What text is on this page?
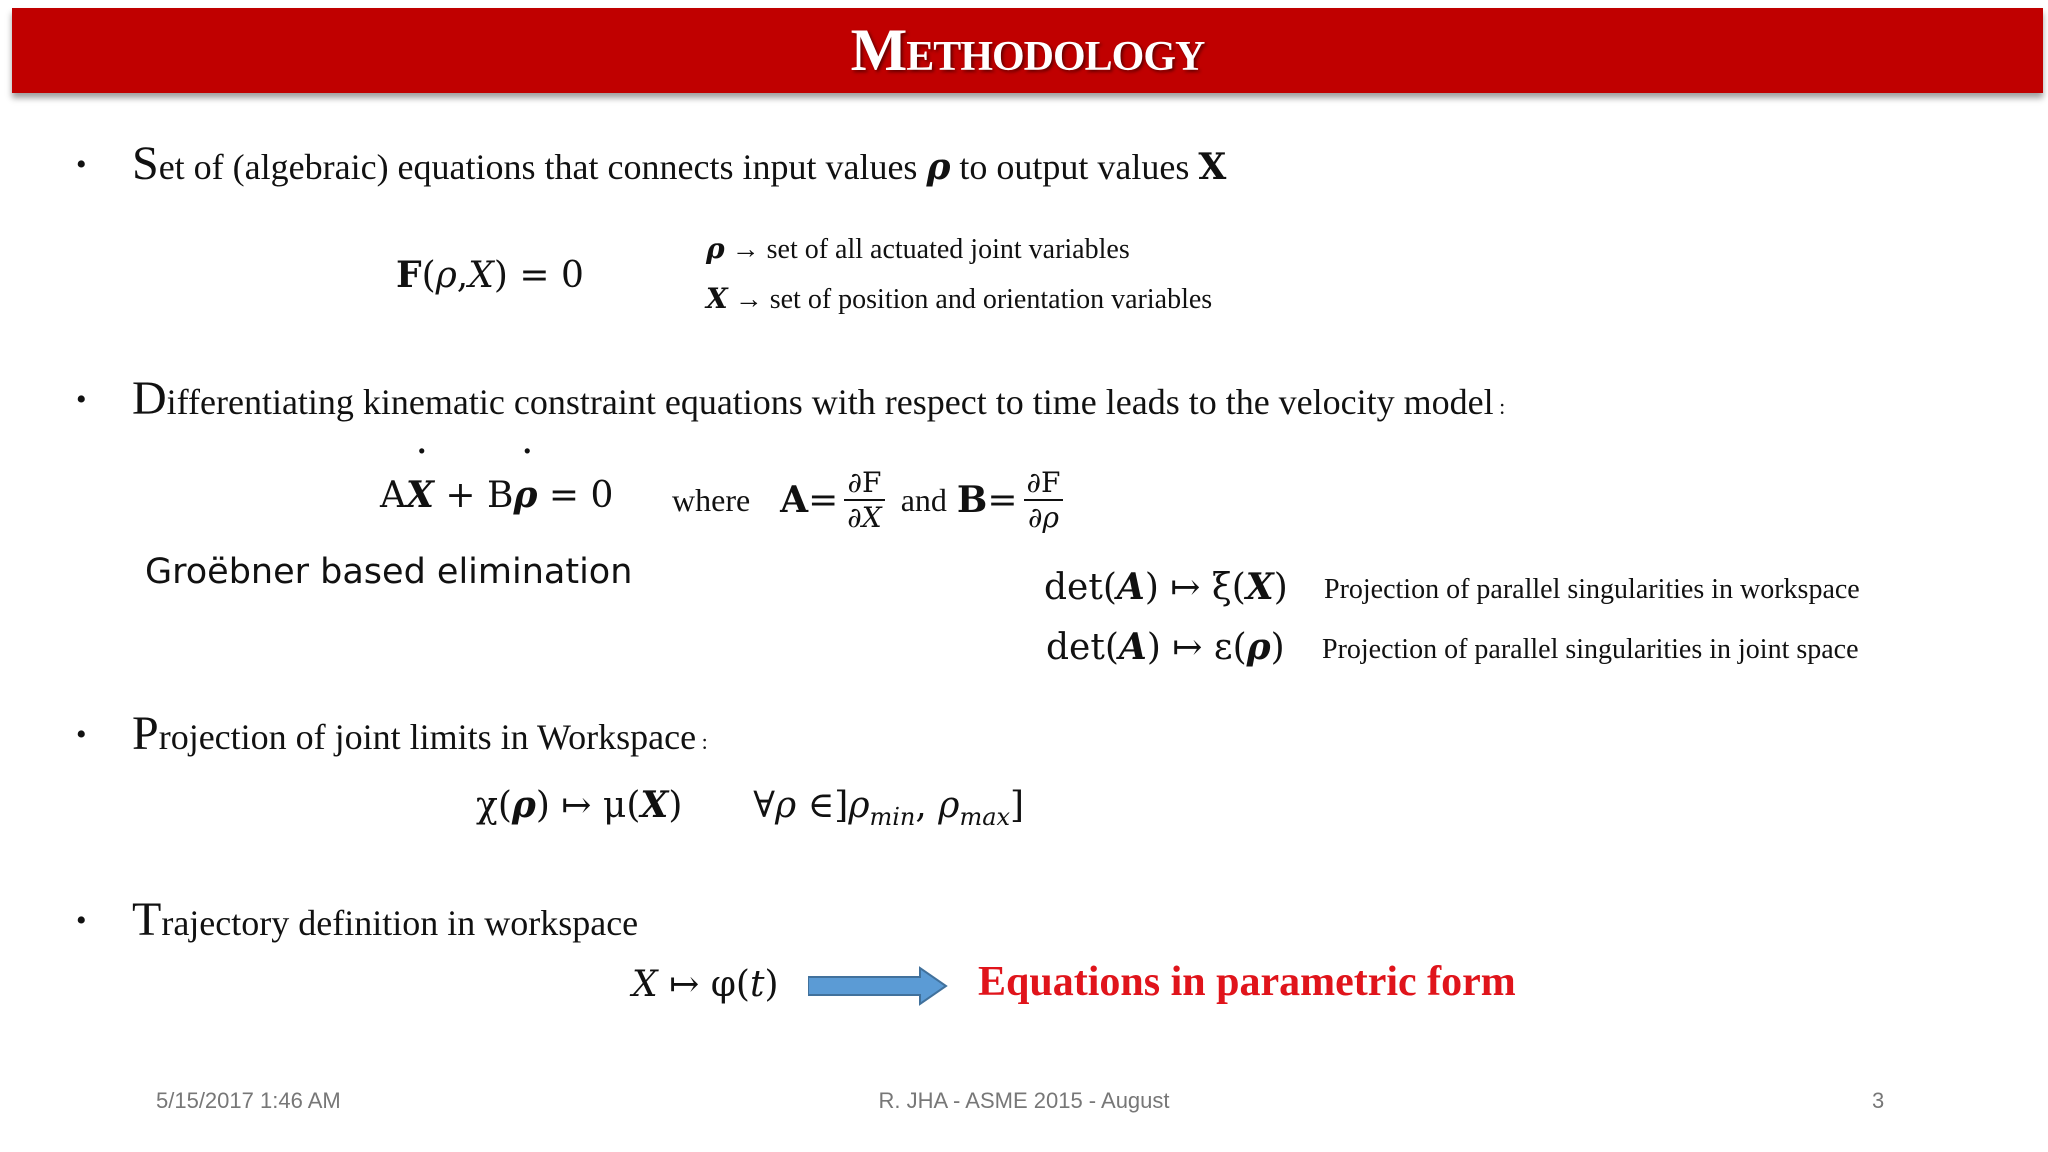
Methodology
• Set of (algebraic) equations that connects input values ρ to output values X
F(ρ,X) = 0
ρ → set of all actuated joint variables
X → set of position and orientation variables
• Differentiating kinematic constraint equations with respect to time leads to the velocity model :
AX ˙ + Bρ ˙ = 0 where $A = \frac{\partial F}{\partial X}$ and $B = \frac{\partial F}{\partial\rho}$
Groëbner based elimination	det(A) ↦ ξ(X) Projection of parallel singularities in workspace
det(A) ↦ ε(ρ) Projection of parallel singularities in joint space
• Projection of joint limits in Workspace :
χ(ρ) ↦ μ(X) ∀ρ $\in]\rho_{min}$, $\rho_{max}$]
• Trajectory definition in workspace
X ↦ φ(t)	Equations in parametric form
5/15/2017 1:46 AM	R. JHA - ASME 2015 - August	3
